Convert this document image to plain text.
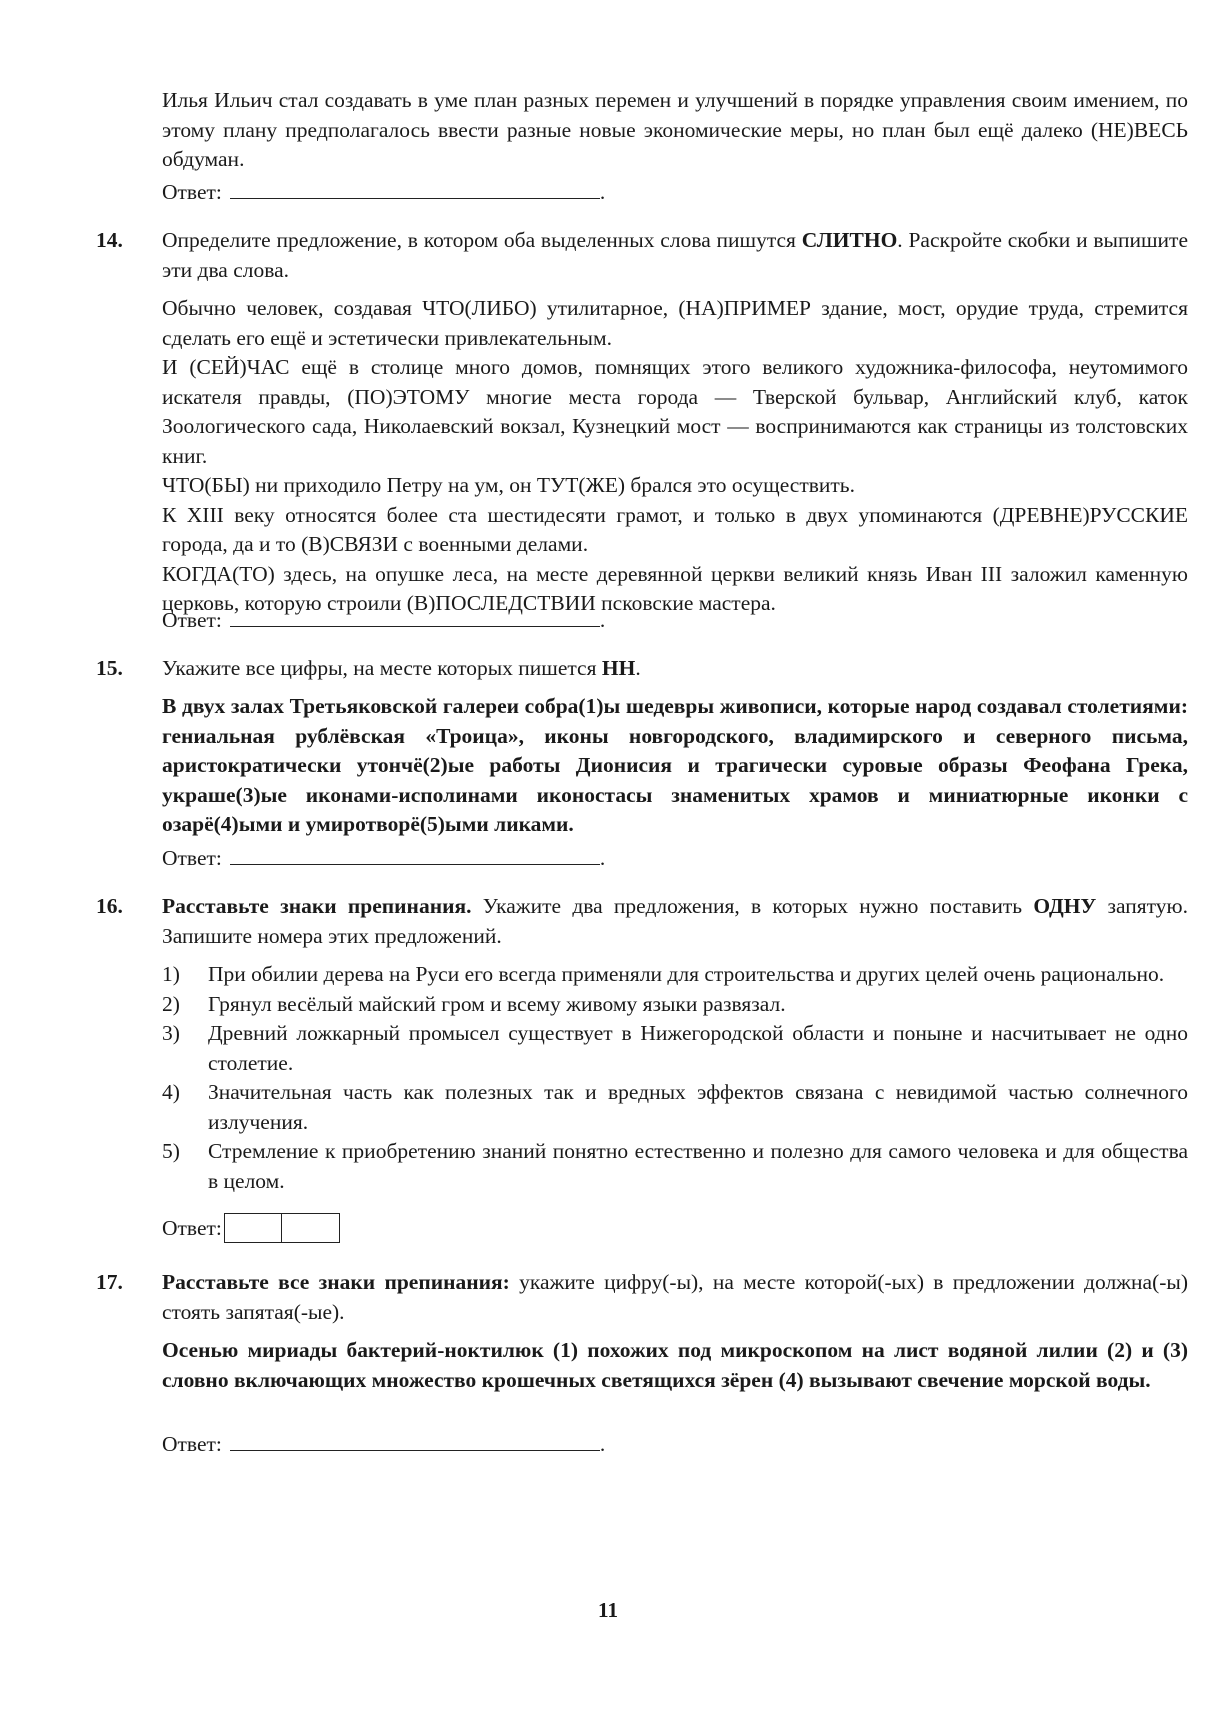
Илья Ильич стал создавать в уме план разных перемен и улучшений в порядке управления своим имением, по этому плану предполагалось ввести разные новые экономические меры, но план был ещё далеко (НЕ)ВЕСЬ обдуман.

Ответ:	.
14. Определите предложение, в котором оба выделенных слова пишутся СЛИТНО. Раскройте скобки и выпишите эти два слова.

Обычно человек, создавая ЧТО(ЛИБО) утилитарное, (НА)ПРИМЕР здание, мост, орудие труда, стремится сделать его ещё и эстетически привлекательным.

И (СЕЙ)ЧАС ещё в столице много домов, помнящих этого великого художника-философа, неутомимого искателя правды, (ПО)ЭТОМУ многие места города — Тверской бульвар, Английский клуб, каток Зоологического сада, Николаевский вокзал, Кузнецкий мост — воспринимаются как страницы из толстовских книг.

ЧТО(БЫ) ни приходило Петру на ум, он ТУТ(ЖЕ) брался это осуществить.

К XIII веку относятся более ста шестидесяти грамот, и только в двух упоминаются (ДРЕВНЕ)РУССКИЕ города, да и то (В)СВЯЗИ с военными делами.

КОГДА(ТО) здесь, на опушке леса, на месте деревянной церкви великий князь Иван III заложил каменную церковь, которую строили (В)ПОСЛЕДСТВИИ псковские мастера.

Ответ:	.
15. Укажите все цифры, на месте которых пишется НН.

В двух залах Третьяковской галереи собра(1)ы шедевры живописи, которые народ создавал столетиями: гениальная рублёвская «Троица», иконы новгородского, владимирского и северного письма, аристократически утончё(2)ые работы Дионисия и трагически суровые образы Феофана Грека, украше(3)ые иконами-исполинами иконостасы знаменитых храмов и миниатюрные иконки с озарё(4)ыми и умиротворё(5)ыми ликами.

Ответ:	.
16. Расставьте знаки препинания. Укажите два предложения, в которых нужно поставить ОДНУ запятую. Запишите номера этих предложений.

1)	При обилии дерева на Руси его всегда применяли для строительства и других целей очень рационально.
2)	Грянул весёлый майский гром и всему живому языки развязал.
3)	Древний ложкарный промысел существует в Нижегородской области и поныне и насчитывает не одно столетие.
4)	Значительная часть как полезных так и вредных эффектов связана с невидимой частью солнечного излучения.
5)	Стремление к приобретению знаний понятно естественно и полезно для самого человека и для общества в целом.
Ответ:
17. Расставьте все знаки препинания: укажите цифру(-ы), на месте которой(-ых) в предложении должна(-ы) стоять запятая(-ые).

Осенью мириады бактерий-ноктилюк (1) похожих под микроскопом на лист водяной лилии (2) и (3) словно включающих множество крошечных светящихся зёрен (4) вызывают свечение морской воды.

Ответ:	.
11
